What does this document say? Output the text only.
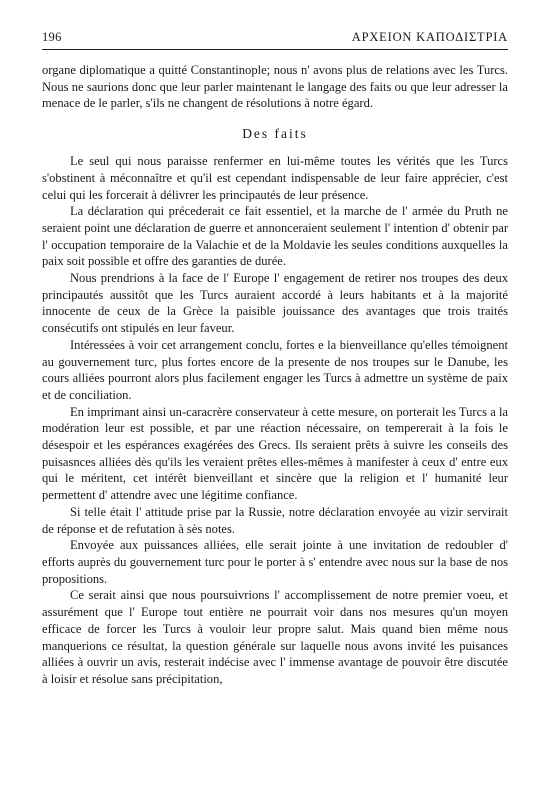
196	ΑΡΧΕΙΟΝ ΚΑΠΟΔΙΣΤΡΙΑ

organe diplomatique a quitté Constantinople; nous n' avons plus de relations avec les Turcs. Nous ne saurions donc que leur parler maintenant le langage des faits ou que leur adresser la menace de le parler, s'ils ne changent de résolutions à notre égard.

Des faits

Le seul qui nous paraisse renfermer en lui-même toutes les vérités que les Turcs s'obstinent à méconnaître et qu'il est cependant indispensable de leur faire apprécier, c'est celui qui les forcerait à délivrer les principautés de leur présence.

La déclaration qui précederait ce fait essentiel, et la marche de l' armée du Pruth ne seraient point une déclaration de guerre et annonceraient seulement l' intention d' obtenir par l' occupation temporaire de la Valachie et de la Moldavie les seules conditions auxquelles la paix soit possible et offre des garanties de durée.

Nous prendrions à la face de l' Europe l' engagement de retirer nos troupes des deux principautés aussitôt que les Turcs auraient accordé à leurs habitants et à la majorité innocente de ceux de la Grèce la paisible jouissance des avantages que trois traités consécutifs ont stipulés en leur faveur.

Intéressées à voir cet arrangement conclu, fortes e la bienveillance qu'elles témoignent au gouvernement turc, plus fortes encore de la presente de nos troupes sur le Danube, les cours alliées pourront alors plus facilement engager les Turcs à admettre un système de paix et de conciliation.

En imprimant ainsi un-caracrère conservateur à cette mesure, on porterait les Turcs a la modération leur est possible, et par une réaction nécessaire, on tempererait à la fois le désespoir et les espérances exagérées des Grecs. Ils seraient prêts à suivre les conseils des puisasnces alliées dès qu'ils les veraient prêtes elles-mêmes à manifester à ceux d' entre eux qui le méritent, cet intérêt bienveillant et sincère que la religion et l' humanité leur permettent d' attendre avec une légitime confiance.

Si telle était l' attitude prise par la Russie, notre déclaration envoyée au vizir servirait de réponse et de refutation à sès notes.

Envoyée aux puissances alliées, elle serait jointe à une invitation de redoubler d' efforts auprès du gouvernement turc pour le porter à s' entendre avec nous sur la base de nos propositions.

Ce serait ainsi que nous poursuivrions l' accomplissement de notre premier voeu, et assurément que l' Europe tout entière ne pourrait voir dans nos mesures qu'un moyen efficace de forcer les Turcs à vouloir leur propre salut. Mais quand bien même nous manquerions ce résultat, la question générale sur laquelle nous avons invité les puisances alliées à ouvrir un avis, resterait indécise avec l' immense avantage de pouvoir être discutée à loisir et résolue sans précipitation,
